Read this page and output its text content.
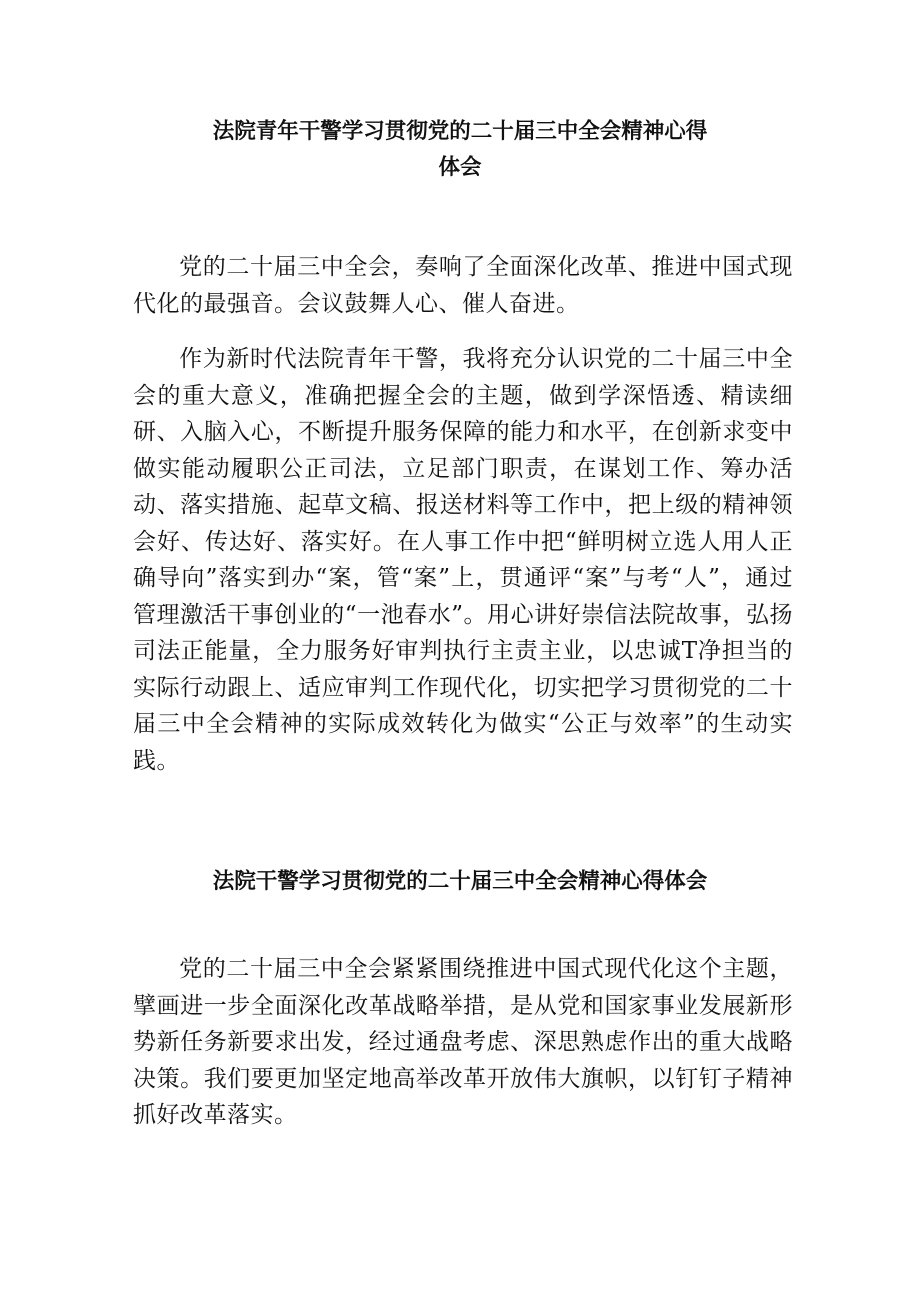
法院青年干警学习贯彻党的二十届三中全会精神心得
体会

党的二十届三中全会，奏响了全面深化改革、推进中国式现代化的最强音。会议鼓舞人心、催人奋进。

作为新时代法院青年干警，我将充分认识党的二十届三中全会的重大意义，准确把握全会的主题，做到学深悟透、精读细研、入脑入心，不断提升服务保障的能力和水平，在创新求变中做实能动履职公正司法，立足部门职责，在谋划工作、筹办活动、落实措施、起草文稿、报送材料等工作中，把上级的精神领会好、传达好、落实好。在人事工作中把“鲜明树立选人用人正确导向”落实到办“案，管“案”上，贯通评“案”与考“人”，通过管理激活干事创业的“一池春水”。用心讲好崇信法院故事，弘扬司法正能量，全力服务好审判执行主责主业，以忠诚T净担当的实际行动跟上、适应审判工作现代化，切实把学习贯彻党的二十届三中全会精神的实际成效转化为做实“公正与效率”的生动实践。

法院干警学习贯彻党的二十届三中全会精神心得体会

党的二十届三中全会紧紧围绕推进中国式现代化这个主题，擘画进一步全面深化改革战略举措，是从党和国家事业发展新形势新任务新要求出发，经过通盘考虑、深思熟虑作出的重大战略决策。我们要更加坚定地高举改革开放伟大旗帜，以钉钉子精神抓好改革落实。
